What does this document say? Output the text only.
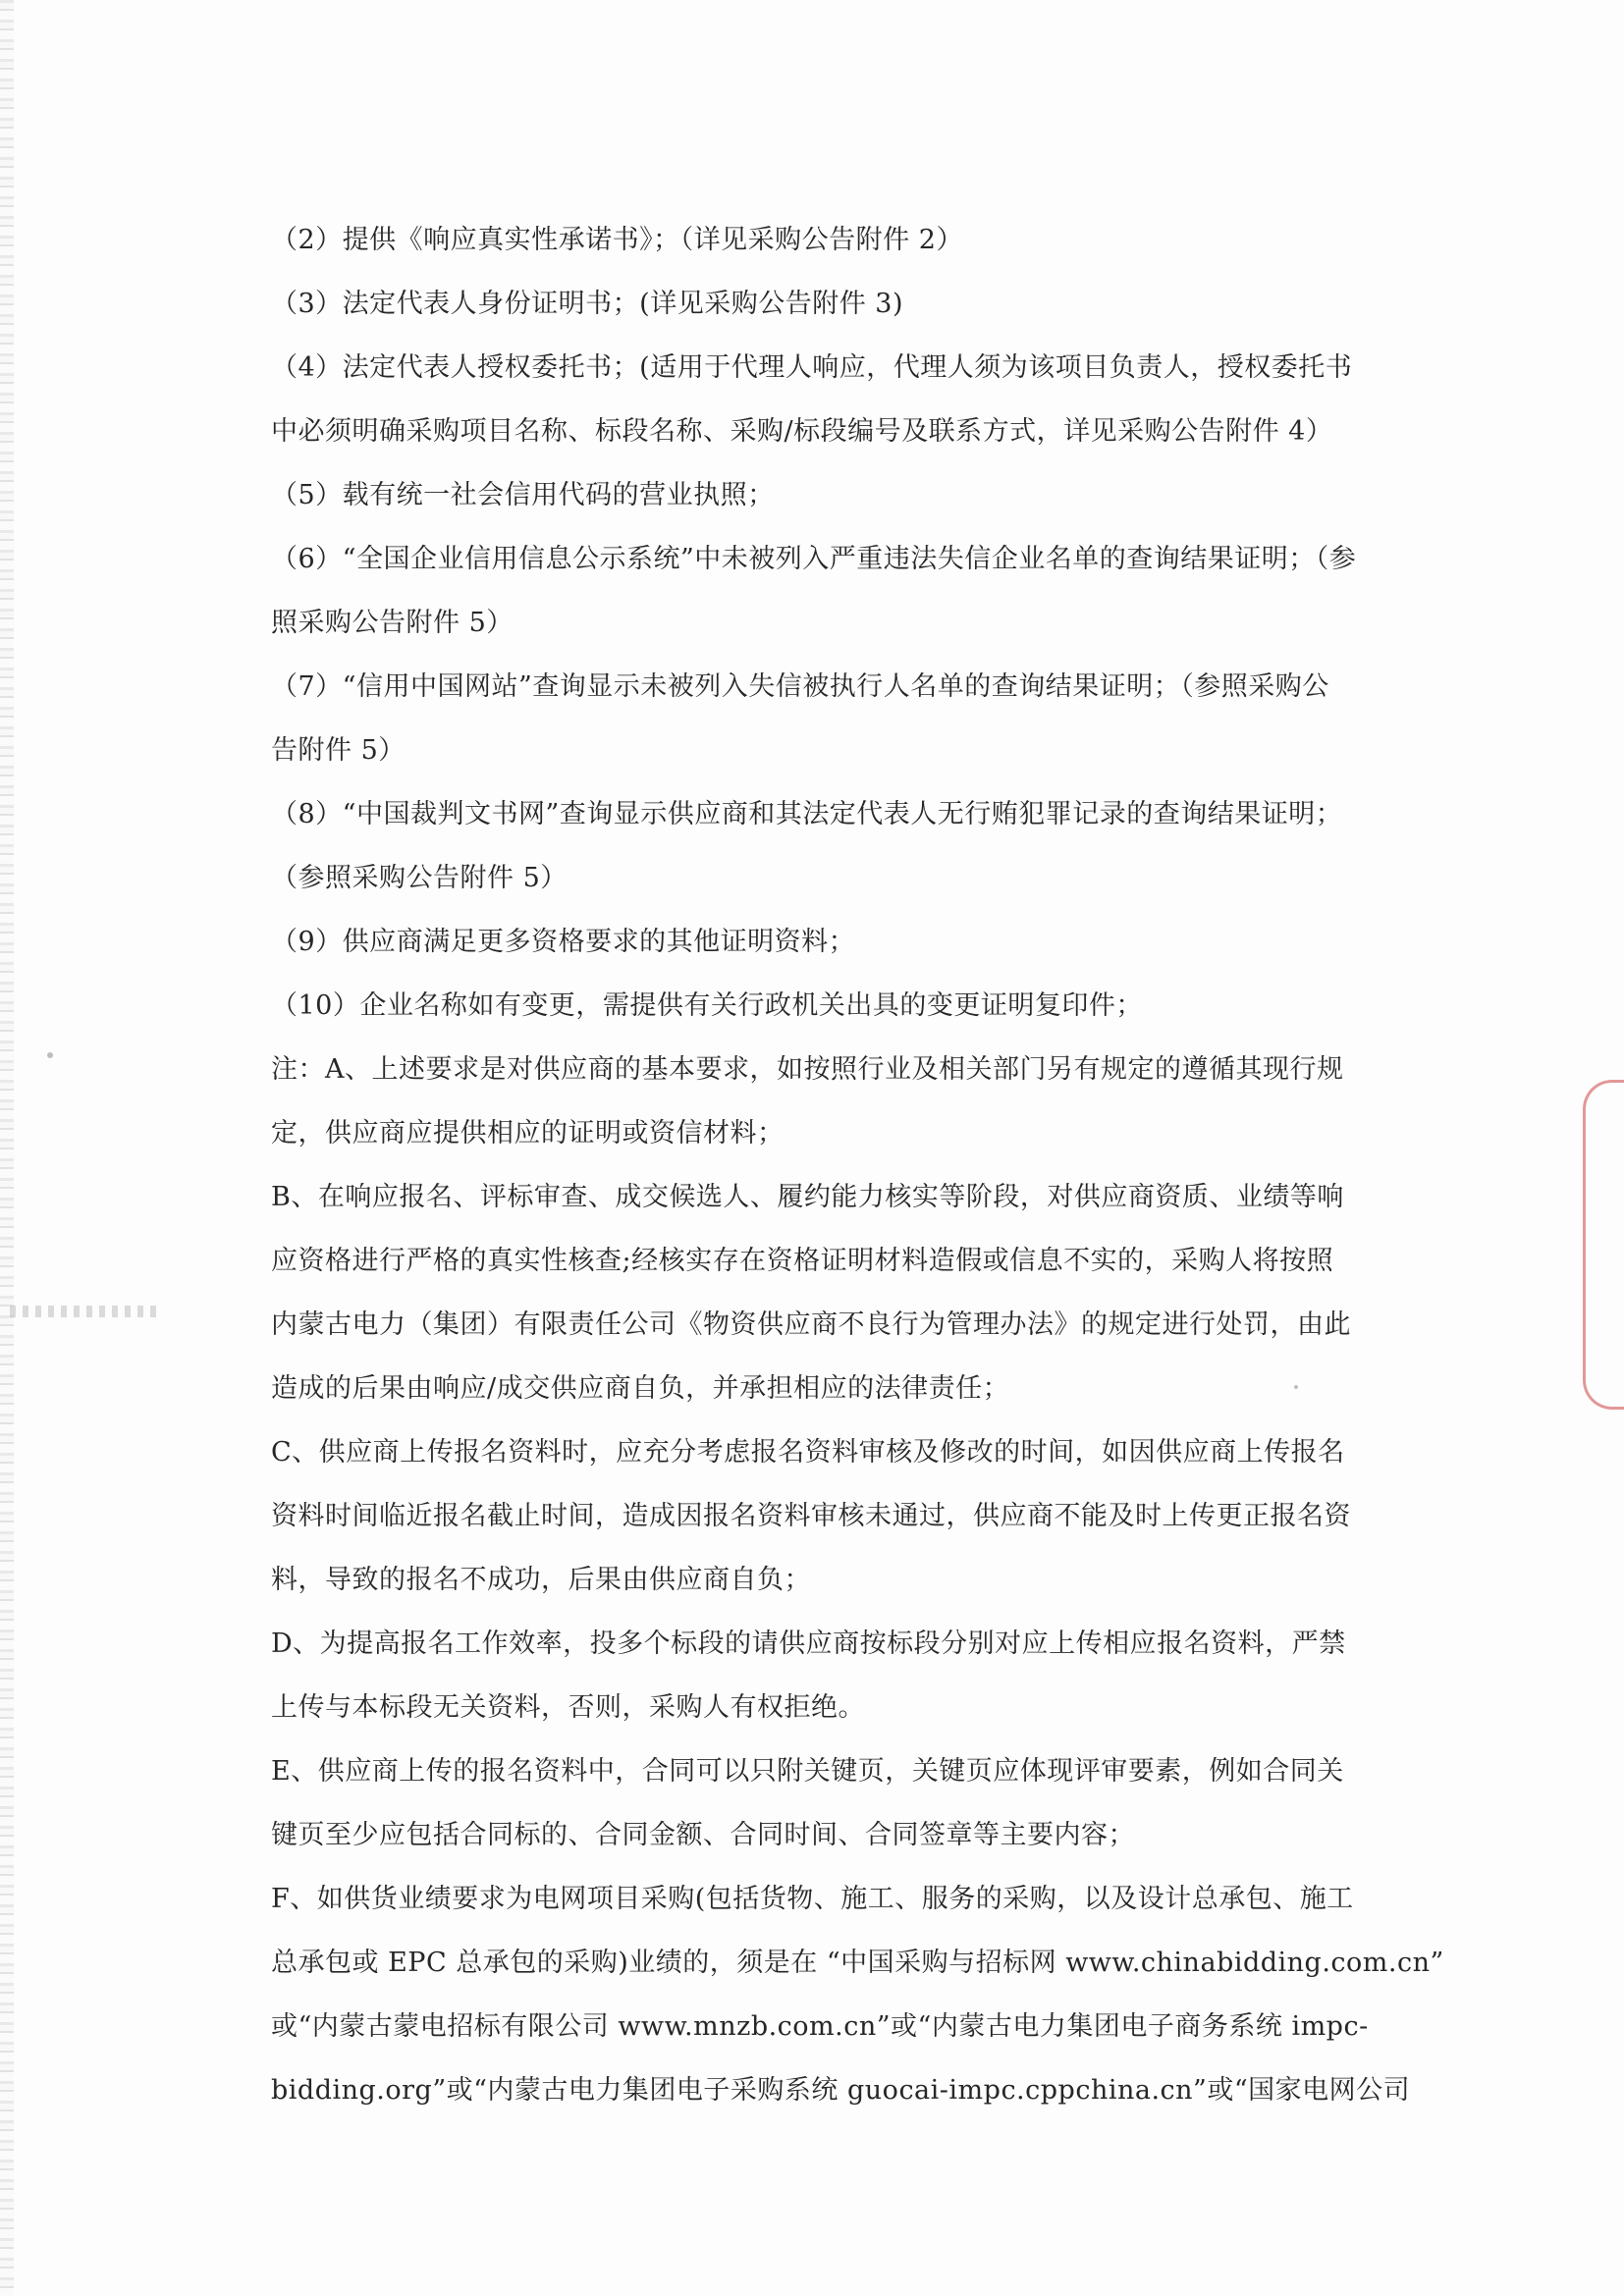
（2）提供《响应真实性承诺书》；（详见采购公告附件 2）
（3）法定代表人身份证明书；(详见采购公告附件 3)
（4）法定代表人授权委托书；(适用于代理人响应，代理人须为该项目负责人，授权委托书
中必须明确采购项目名称、标段名称、采购/标段编号及联系方式，详见采购公告附件 4）
（5）载有统一社会信用代码的营业执照；
（6）“全国企业信用信息公示系统”中未被列入严重违法失信企业名单的查询结果证明；（参
照采购公告附件 5）
（7）“信用中国网站”查询显示未被列入失信被执行人名单的查询结果证明；（参照采购公
告附件 5）
（8）“中国裁判文书网”查询显示供应商和其法定代表人无行贿犯罪记录的查询结果证明；
（参照采购公告附件 5）
（9）供应商满足更多资格要求的其他证明资料；
（10）企业名称如有变更，需提供有关行政机关出具的变更证明复印件；
注：A、上述要求是对供应商的基本要求，如按照行业及相关部门另有规定的遵循其现行规
定，供应商应提供相应的证明或资信材料；
B、在响应报名、评标审查、成交候选人、履约能力核实等阶段，对供应商资质、业绩等响
应资格进行严格的真实性核查;经核实存在资格证明材料造假或信息不实的，采购人将按照
内蒙古电力（集团）有限责任公司《物资供应商不良行为管理办法》的规定进行处罚，由此
造成的后果由响应/成交供应商自负，并承担相应的法律责任；
C、供应商上传报名资料时，应充分考虑报名资料审核及修改的时间，如因供应商上传报名
资料时间临近报名截止时间，造成因报名资料审核未通过，供应商不能及时上传更正报名资
料，导致的报名不成功，后果由供应商自负；
D、为提高报名工作效率，投多个标段的请供应商按标段分别对应上传相应报名资料，严禁
上传与本标段无关资料，否则，采购人有权拒绝。
E、供应商上传的报名资料中，合同可以只附关键页，关键页应体现评审要素，例如合同关
键页至少应包括合同标的、合同金额、合同时间、合同签章等主要内容；
F、如供货业绩要求为电网项目采购(包括货物、施工、服务的采购，以及设计总承包、施工
总承包或 EPC 总承包的采购)业绩的，须是在 “中国采购与招标网 www.chinabidding.com.cn”
或“内蒙古蒙电招标有限公司 www.mnzb.com.cn”或“内蒙古电力集团电子商务系统 impc-
bidding.org”或“内蒙古电力集团电子采购系统 guocai-impc.cppchina.cn”或“国家电网公司
